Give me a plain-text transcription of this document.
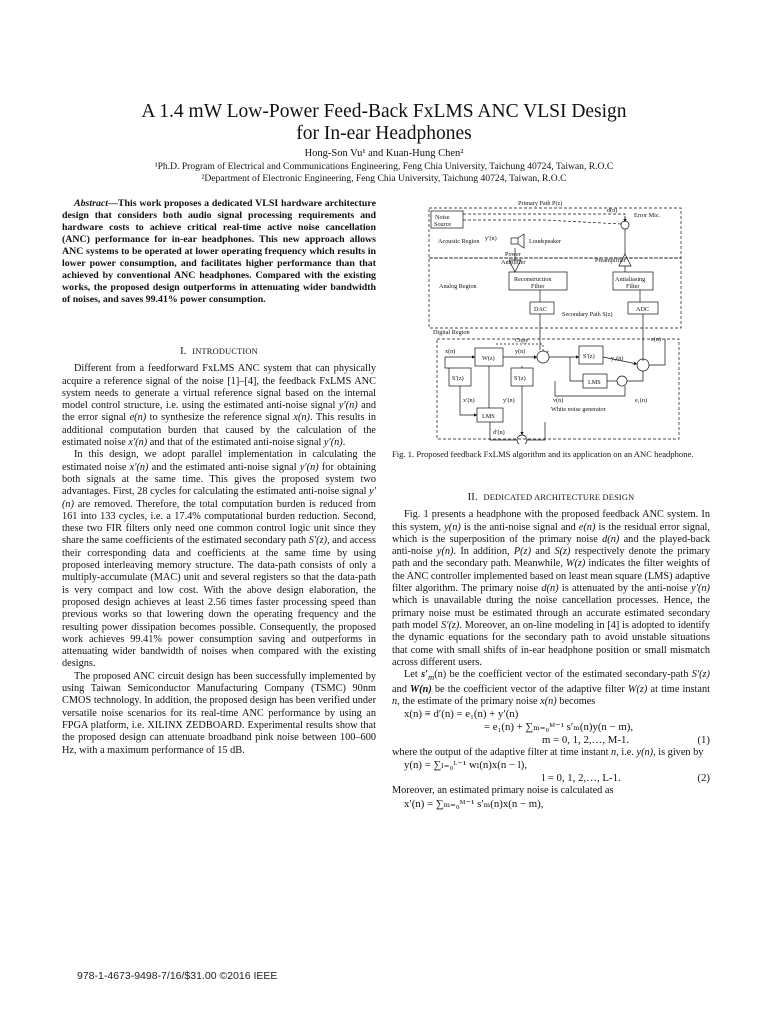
A 1.4 mW Low-Power Feed-Back FxLMS ANC VLSI Design
for In-ear Headphones
Hong-Son Vu¹ and Kuan-Hung Chen²
¹Ph.D. Program of Electrical and Communications Engineering, Feng Chia University, Taichung 40724, Taiwan, R.O.C
²Department of Electronic Engineering, Feng Chia University, Taichung 40724, Taiwan, R.O.C
Abstract—This work proposes a dedicated VLSI hardware architecture design that considers both audio signal processing requirements and hardware costs to achieve critical real-time active noise cancellation (ANC) performance for in-ear headphones. This new approach allows ANC systems to be operated at lower operating frequency which results in lower power consumption, and facilitates higher performance than that achieved by conventional ANC headphones. Compared with the existing works, the proposed design outperforms in attenuating wider bandwidth of noises, and saves 99.41% power consumption.
I. INTRODUCTION

Different from a feedforward FxLMS ANC system that can physically acquire a reference signal of the noise [1]–[4], the feedback FxLMS ANC system needs to generate a virtual reference signal based on the internal model control structure, i.e. using the estimated anti-noise signal y′(n) and the error signal e(n) to synthesize the reference signal x(n). This results in additional computation burden that caused by the calculation of the estimated noise x′(n) and that of the estimated anti-noise signal y′(n).

In this design, we adopt parallel implementation in calculating the estimated noise x′(n) and the estimated anti-noise signal y′(n) for obtaining both signals at the same time. This gives the proposed system two advantages. First, 28 cycles for calculating the estimated anti-noise signal y′(n) are removed. Therefore, the total computation burden is reduced from 161 into 133 cycles, i.e. a 17.4% computational burden reduction. Second, these two FIR filters only need one common control logic unit since they share the same coefficients of the estimated secondary path S′(z), and access their corresponding data and coefficients at the same time by using proposed interleaving memory structure. The data-path consists of only a multiply-accumulate (MAC) unit and several registers so that the data-path is very compact and low cost. With the above design elaboration, the proposed design achieves at least 2.56 times faster processing speed than previous works so that lowering down the operating frequency and the resulting power dissipation becomes possible. Consequently, the proposed work achieves 99.41% power consumption saving and outperforms in attenuating wider bandwidth of noises when compared with the existing designs.

The proposed ANC circuit design has been successfully implemented by using Taiwan Semiconductor Manufacturing Company (TSMC) 90nm CMOS technology. In addition, the proposed design has been verified under versatile noise scenarios for its real-time ANC performance by using an FPGA platform, i.e. XILINX ZEDBOARD. Experimental results show that the proposed design can attenuate broadband pink noise between 100–600 Hz, with a maximum performance of 15 dB.

Primary Path P(z)
Noise
Source
d(n)
Error Mic.
Acoustic Region y′(n)	Loudspeaker
Power
Amplifier	Preamplifier
Analog Region
Reconstruction
Filter
Antialiasing
Filter
DAC	ADC
Secondary Path S(z)
Digital Region
Copy
x(n)	y(n)
e(n)
W(z)
S′(z)	S′(z)
S′(z)	y₁(n)
LMS
LMS
x′(n)	y′(n)	v(n)	e₁(n)
White noise generator
d′(n)
−
+
Fig. 1. Proposed feedback FxLMS algorithm and its application on an ANC headphone.
II. DEDICATED ARCHITECTURE DESIGN

Fig. 1 presents a headphone with the proposed feedback ANC system. In this system, y(n) is the anti-noise signal and e(n) is the residual error signal, which is the superposition of the primary noise d(n) and the played-back anti-noise y(n). In addition, P(z) and S(z) respectively denote the primary path and the secondary path. Meanwhile, W(z) indicates the filter weights of the ANC controller implemented based on least mean square (LMS) adaptive filter algorithm. The primary noise d(n) is attenuated by the anti-noise y′(n) which is unavailable during the noise cancellation processes. Hence, the primary noise must be estimated through an accurate estimated secondary path model S′(z). Moreover, an on-line modeling in [4] is adopted to identify the dynamic equations for the secondary path to avoid unstable situations that come with small shifts of in-ear headphone position or small mismatch across different users.

Let $s'_m(n)$ be the coefficient vector of the estimated secondary-path S′(z) and W(n) be the coefficient vector of the adaptive filter W(z) at time instant n, the estimate of the primary noise x(n) becomes

x(n) ≡ d′(n) = e₁(n) + y′(n)
= e₁(n) + ∑ₘ₌₀ᴹ⁻¹ s′ₘ(n)y(n − m),
m = 0, 1, 2,…, M-1.	(1)

where the output of the adaptive filter at time instant n, i.e. y(n), is given by

y(n) = ∑ₗ₌₀ᴸ⁻¹ wₗ(n)x(n − l),
l = 0, 1, 2,…, L-1.	(2)

Moreover, an estimated primary noise is calculated as

x′(n) = ∑ₘ₌₀ᴹ⁻¹ s′ₘ(n)x(n − m),
978-1-4673-9498-7/16/$31.00 ©2016 IEEE
